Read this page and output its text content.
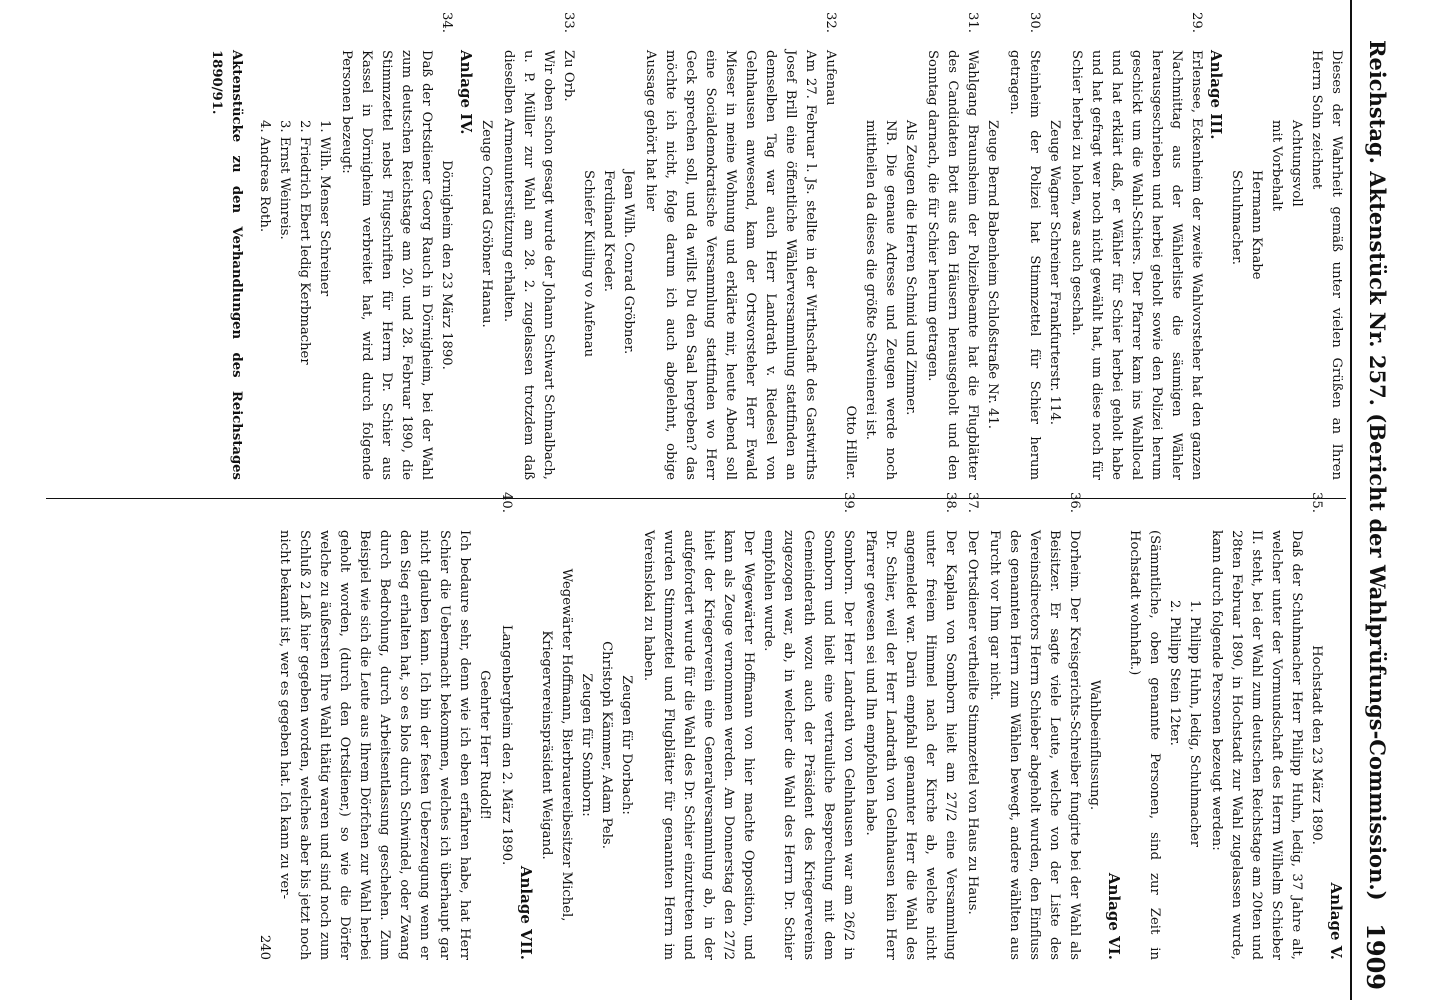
Reichstag. Aktenstück Nr. 257. (Bericht der Wahlprüfungs-Commission.)
1909

Dieses der Wahrheit gemäß unter vielen Grüßen an Ihren Herrn Sohn zeichnet

Achtungsvoll

mit Vorbehalt

Hermann Knabe

Schuhmacher.

Anlage III.

29.

Erlensee, Eckenheim der zweite Wahlvorsteher hat den ganzen Nachmittag aus der Wählerliste die säumigen Wähler herausgeschrieben und herbei geholt sowie den Polizei herum geschickt um die Wahl-Schiers. Der Pfarrer kam ins Wahllocal und hat erklärt daß, er Wähler für Schier herbei geholt habe und hat gefragt wer noch nicht gewählt hat, um diese noch für Schier herbei zu holen, was auch geschah.

Zeuge Wagner Schreiner Frankfurterstr. 114.

30.

Steinheim der Polizei hat Stimmzettel für Schier herum getragen.

Zeuge Bernd Babenheim Schloßstraße Nr. 41.

31.

Wahlgang Braunsheim der Polizeibeamte hat die Flugblätter des Candidaten Bott aus den Häusern herausgeholt und den Sonntag darnach, die für Schier herum getragen.

Als Zeugen die Herren Schmid und Zimmer.

NB. Die genaue Adresse und Zeugen werde noch mittheilen da dieses die größte Schweinerei ist.

Otto Hiller.

32.

Aufenau

Am 27. Februar l. Js. stellte in der Wirthschaft des Gastwirths Josef Brill eine öffentliche Wählerversammlung stattfinden an demselben Tag war auch Herr Landrath v. Riedesel von Gelnhausen anwesend, kam der Ortsvorsteher Herr Ewald Mieser in meine Wohnung und erklärte mir, heute Abend soll eine Socialdemokratische Versammlung stattfinden wo Herr Geck sprechen soll, und da willst Du den Saal hergeben? das möchte ich nicht, folge darum ich auch abgelehnt, obige Aussage gehört hat hier

Jean Wilh. Conrad Gröbner.

Ferdinand Kreder.

Schiefer Kuiling vo Aufenau

33.

Zu Orb.

Wir oben schon gesagt wurde der Johann Schwart Schmalbach, u. P. Müller zur Wahl am 28. 2. zugelassen trotzdem daß dieselben Armenunterstützung erhalten.

Zeuge Conrad Gröbner Hanau.

Anlage IV.

34.

Dörnigheim den 23 März 1890.

Daß der Ortsdiener Georg Rauch in Dörnigheim, bei der Wahl zum deutschen Reichstage am 20. und 28. Februar 1890, die Stimmzettel nebst Flugschriften für Herrn Dr. Schier aus Kassel in Dörnigheim verbreitet hat, wird durch folgende Personen bezeugt:

1. Wilh. Menser Schreiner

2. Friedrich Ebert ledig Kerbmacher

3. Ernst Weinreis.

4. Andreas Roth.

Aktenstücke zu den Verhandlungen des Reichstages 1890/91.

Anlage V.

35.

Hochstadt den 23 März 1890.

Daß der Schuhmacher Herr Philipp Huhn, ledig, 37 Jahre alt, welcher unter der Vormundschaft des Herrn Wilhelm Schieber II. steht, bei der Wahl zum deutschen Reichstage am 20ten und 28ten Februar 1890, in Hochstadt zur Wahl zugelassen wurde, kann durch folgende Personen bezeugt werden:

1. Philipp Huhn, ledig, Schuhmacher

2. Philipp Stein 12ter.

(Sämmtliche, oben genannte Personen, sind zur Zeit in Hochstadt wohnhaft.)

Anlage VI.

Wahlbeeinflussung.

36.

Dorheim. Der Kreisgerichts-Schreiber fungirte bei der Wahl als Beisitzer. Er sagte viele Leute, welche von der Liste des Vereinsdirectors Herrn Schieber abgeholt wurden, den Einfluss des genannten Herrn zum Wählen bewegt, andere wählten aus Furcht vor Ihm gar nicht.

37.

Der Ortsdiener vertheilte Stimmzettel von Haus zu Haus.

38.

Der Kaplan von Somborn hielt am 27/2 eine Versammlung unter freiem Himmel nach der Kirche ab, welche nicht angemeldet war. Darin empfahl genannter Herr die Wahl des Dr. Schier, weil der Herr Landrath von Gelnhausen kein Herr Pfarrer gewesen sei und Ihn empfohlen habe.

39.

Somborn. Der Herr Landrath von Gelnhausen war am 26/2 in Somborn und hielt eine vertrauliche Besprechung mit dem Gemeinderath wozu auch der Präsident des Kriegervereins zugezogen war, ab, in welcher die Wahl des Herrn Dr. Schier empfohlen wurde.

Der Wegewärter Hoffmann von hier machte Opposition, und kann als Zeuge vernommen werden. Am Donnerstag den 27/2 hielt der Kriegerverein eine Generalversammlung ab, in der aufgefordert wurde für die Wahl des Dr. Schier einzutreten und wurden Stimmzettel und Flugblätter für genannten Herrn im Vereinslokal zu haben.

Zeugen für Dorbach:

Christoph Kämmer, Adam Pels.

Zeugen für Somborn:

Wegewärter Hoffmann, Bierbrauereibesitzer Michel, Kriegervereinspräsident Weigand.

Anlage VII.

40.

Langenbergheim den 2. März 1890.

Geehrter Herr Rudolf!

Ich bedaure sehr, denn wie ich eben erfahren habe, hat Herr Schier die Uebermacht bekommen, welches ich überhaupt gar nicht glauben kann. Ich bin der festen Ueberzeugung wenn er den Sieg erhalten hat, so es blos durch Schwindel, oder Zwang durch Bedrohung, durch Arbeitsentlassung geschehen. Zum Beispiel wie sich die Leute aus Ihrem Dörfchen zur Wahl herbei geholt worden, (durch den Ortsdiener,) so wie die Dörfer welche zu äußersten Ihre Wahl thätig waren und sind noch zum Schluß 2 Laß hier gegeben worden, welches aber bis jetzt noch nicht bekannt ist, wer es gegeben hat. Ich kann zu ver-

240
